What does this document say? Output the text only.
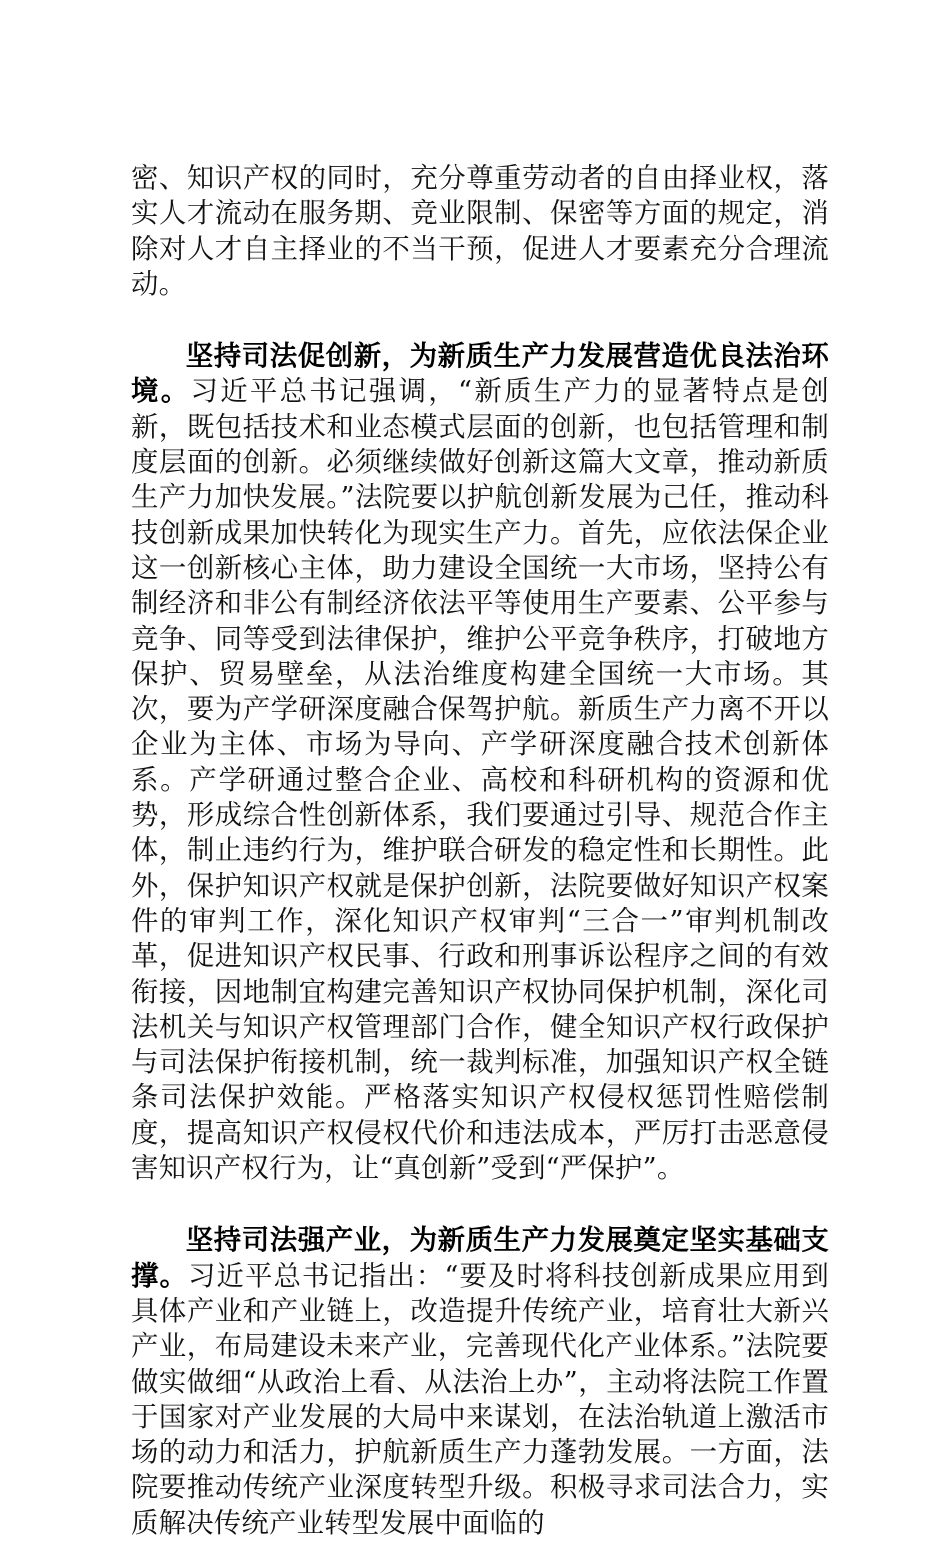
密、知识产权的同时，充分尊重劳动者的自由择业权，落实人才流动在服务期、竞业限制、保密等方面的规定，消除对人才自主择业的不当干预，促进人才要素充分合理流动。

坚持司法促创新，为新质生产力发展营造优良法治环境。习近平总书记强调，“新质生产力的显著特点是创新，既包括技术和业态模式层面的创新，也包括管理和制度层面的创新。必须继续做好创新这篇大文章，推动新质生产力加快发展。”法院要以护航创新发展为己任，推动科技创新成果加快转化为现实生产力。首先，应依法保企业这一创新核心主体，助力建设全国统一大市场，坚持公有制经济和非公有制经济依法平等使用生产要素、公平参与竞争、同等受到法律保护，维护公平竞争秩序，打破地方保护、贸易壁垒，从法治维度构建全国统一大市场。其次，要为产学研深度融合保驾护航。新质生产力离不开以企业为主体、市场为导向、产学研深度融合技术创新体系。产学研通过整合企业、高校和科研机构的资源和优势，形成综合性创新体系，我们要通过引导、规范合作主体，制止违约行为，维护联合研发的稳定性和长期性。此外，保护知识产权就是保护创新，法院要做好知识产权案件的审判工作，深化知识产权审判“三合一”审判机制改革，促进知识产权民事、行政和刑事诉讼程序之间的有效衔接，因地制宜构建完善知识产权协同保护机制，深化司法机关与知识产权管理部门合作，健全知识产权行政保护与司法保护衔接机制，统一裁判标准，加强知识产权全链条司法保护效能。严格落实知识产权侵权惩罚性赔偿制度，提高知识产权侵权代价和违法成本，严厉打击恶意侵害知识产权行为，让“真创新”受到“严保护”。

坚持司法强产业，为新质生产力发展奠定坚实基础支撑。习近平总书记指出：“要及时将科技创新成果应用到具体产业和产业链上，改造提升传统产业，培育壮大新兴产业，布局建设未来产业，完善现代化产业体系。”法院要做实做细“从政治上看、从法治上办”，主动将法院工作置于国家对产业发展的大局中来谋划，在法治轨道上激活市场的动力和活力，护航新质生产力蓬勃发展。一方面，法院要推动传统产业深度转型升级。积极寻求司法合力，实质解决传统产业转型发展中面临的
